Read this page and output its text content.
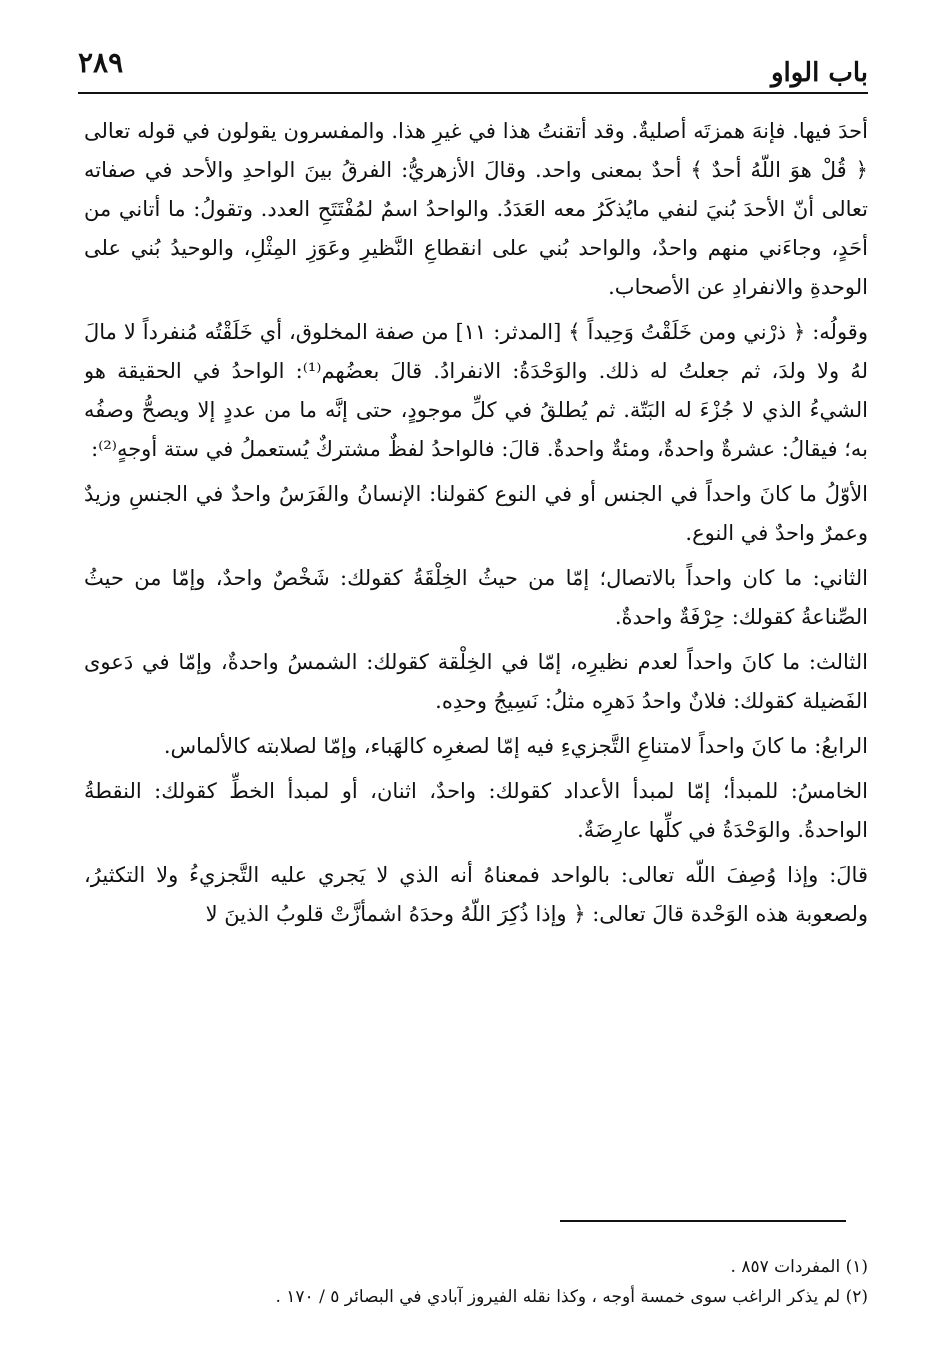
٢٨٩	باب الواو

أحدَ فيها. فإنهَ همزتَه أصليةٌ. وقد أتقنتُ هذا في غيرِ هذا. والمفسرون يقولون في قوله تعالى ﴿ قُلْ هوَ اللّهُ أحدٌ ﴾ أحدٌ بمعنى واحد. وقالَ الأزهريُّ: الفرقُ بينَ الواحدِ والأحد في صفاته تعالى أنّ الأحدَ بُنيَ لنفي مايُذكَرُ معه العَدَدُ. والواحدُ اسمٌ لمُفْتَتَحِ العدد. وتقولُ: ما أتاني من أحَدٍ، وجاءَني منهم واحدٌ، والواحد بُني على انقطاعِ النَّظيرِ وعَوَزِ المِثْلِ، والوحيدُ بُني على الوحدةِ والانفرادِ عن الأصحاب.

وقولُه: ﴿ ذرْني ومن خَلَقْتُ وَحِيداً ﴾ [المدثر: ١١] من صفة المخلوق، أي خَلَقْتُه مُنفرداً لا مالَ لهُ ولا ولدَ، ثم جعلتُ له ذلك. والوَحْدَةُ: الانفرادُ. قالَ بعضُهم⁽¹⁾: الواحدُ في الحقيقة هو الشيءُ الذي لا جُزْءَ له البَتّة. ثم يُطلقُ في كلِّ موجودٍ، حتى إنَّه ما من عددٍ إلا ويصحُّ وصفُه به؛ فيقالُ: عشرةٌ واحدةٌ، ومئةٌ واحدةٌ. قالَ: فالواحدُ لفظٌ مشتركٌ يُستعملُ في ستة أوجهٍ⁽²⁾:

الأوّلُ ما كانَ واحداً في الجنس أو في النوع كقولنا: الإنسانُ والفَرَسُ واحدٌ في الجنسِ وزيدٌ وعمرٌ واحدٌ في النوع.

الثاني: ما كان واحداً بالاتصال؛ إمّا من حيثُ الخِلْقَةُ كقولك: شَخْصٌ واحدٌ، وإمّا من حيثُ الصِّناعةُ كقولك: حِرْفَةٌ واحدةٌ.

الثالث: ما كانَ واحداً لعدم نظيرِه، إمّا في الخِلْقة كقولك: الشمسُ واحدةٌ، وإمّا في دَعوى الفَضيلة كقولك: فلانٌ واحدُ دَهرِه مثلُ: نَسِيجُ وحدِه.

الرابعُ: ما كانَ واحداً لامتناعِ التَّجزيءِ فيه إمّا لصغرِه كالهَباء، وإمّا لصلابته كالألماس.

الخامسُ: للمبدأ؛ إمّا لمبدأ الأعداد كقولك: واحدٌ، اثنان، أو لمبدأ الخطِّ كقولك: النقطةُ الواحدةُ. والوَحْدَةُ في كلِّها عارِضَةٌ.

قالَ: وإذا وُصِفَ اللّه تعالى: بالواحد فمعناهُ أنه الذي لا يَجري عليه التَّجزيءُ ولا التكثيرُ، ولصعوبة هذه الوَحْدة قالَ تعالى: ﴿ وإذا ذُكِرَ اللّهُ وحدَهُ اشمأزَّتْ قلوبُ الذينَ لا

(١) المفردات ٨٥٧ .
(٢) لم يذكر الراغب سوى خمسة أوجه ، وكذا نقله الفيروز آبادي في البصائر ٥ / ١٧٠ .
